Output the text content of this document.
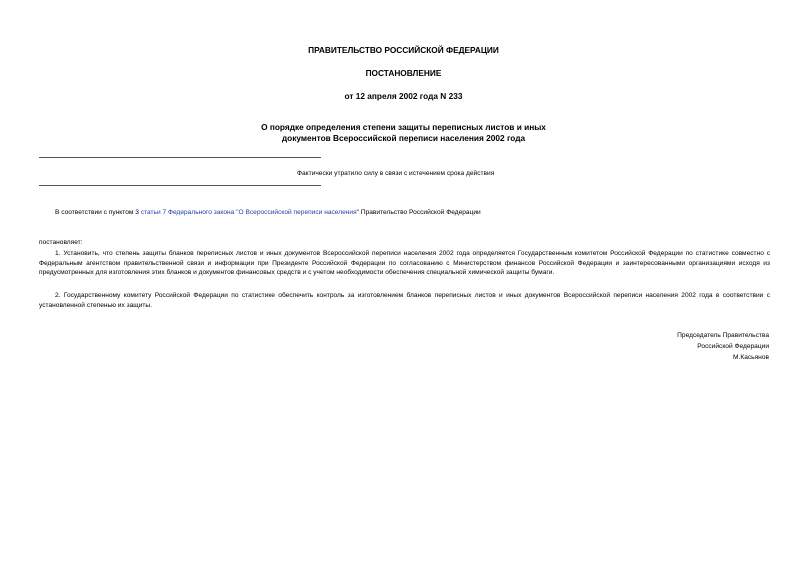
ПРАВИТЕЛЬСТВО РОССИЙСКОЙ ФЕДЕРАЦИИ
ПОСТАНОВЛЕНИЕ
от 12 апреля 2002 года N 233
О порядке определения степени защиты переписных листов и иных
документов Всероссийской переписи населения 2002 года
Фактически утратило силу в связи с истечением срока действия
В соответствии с пунктом 3 статьи 7 Федерального закона "О Всероссийской переписи населения" Правительство Российской Федерации
постановляет:
1. Установить, что степень защиты бланков переписных листов и иных документов Всероссийской переписи населения 2002 года определяется Государственным комитетом Российской Федерации по статистике совместно с Федеральным агентством правительственной связи и информации при Президенте Российской Федерации по согласованию с Министерством финансов Российской Федерации и заинтересованными организациями исходя из предусмотренных для изготовления этих бланков и документов финансовых средств и с учетом необходимости обеспечения специальной химической защиты бумаги.
2. Государственному комитету Российской Федерации по статистике обеспечить контроль за изготовлением бланков переписных листов и иных документов Всероссийской переписи населения 2002 года в соответствии с установленной степенью их защиты.
Председатель Правительства
Российской Федерации
М.Касьянов
